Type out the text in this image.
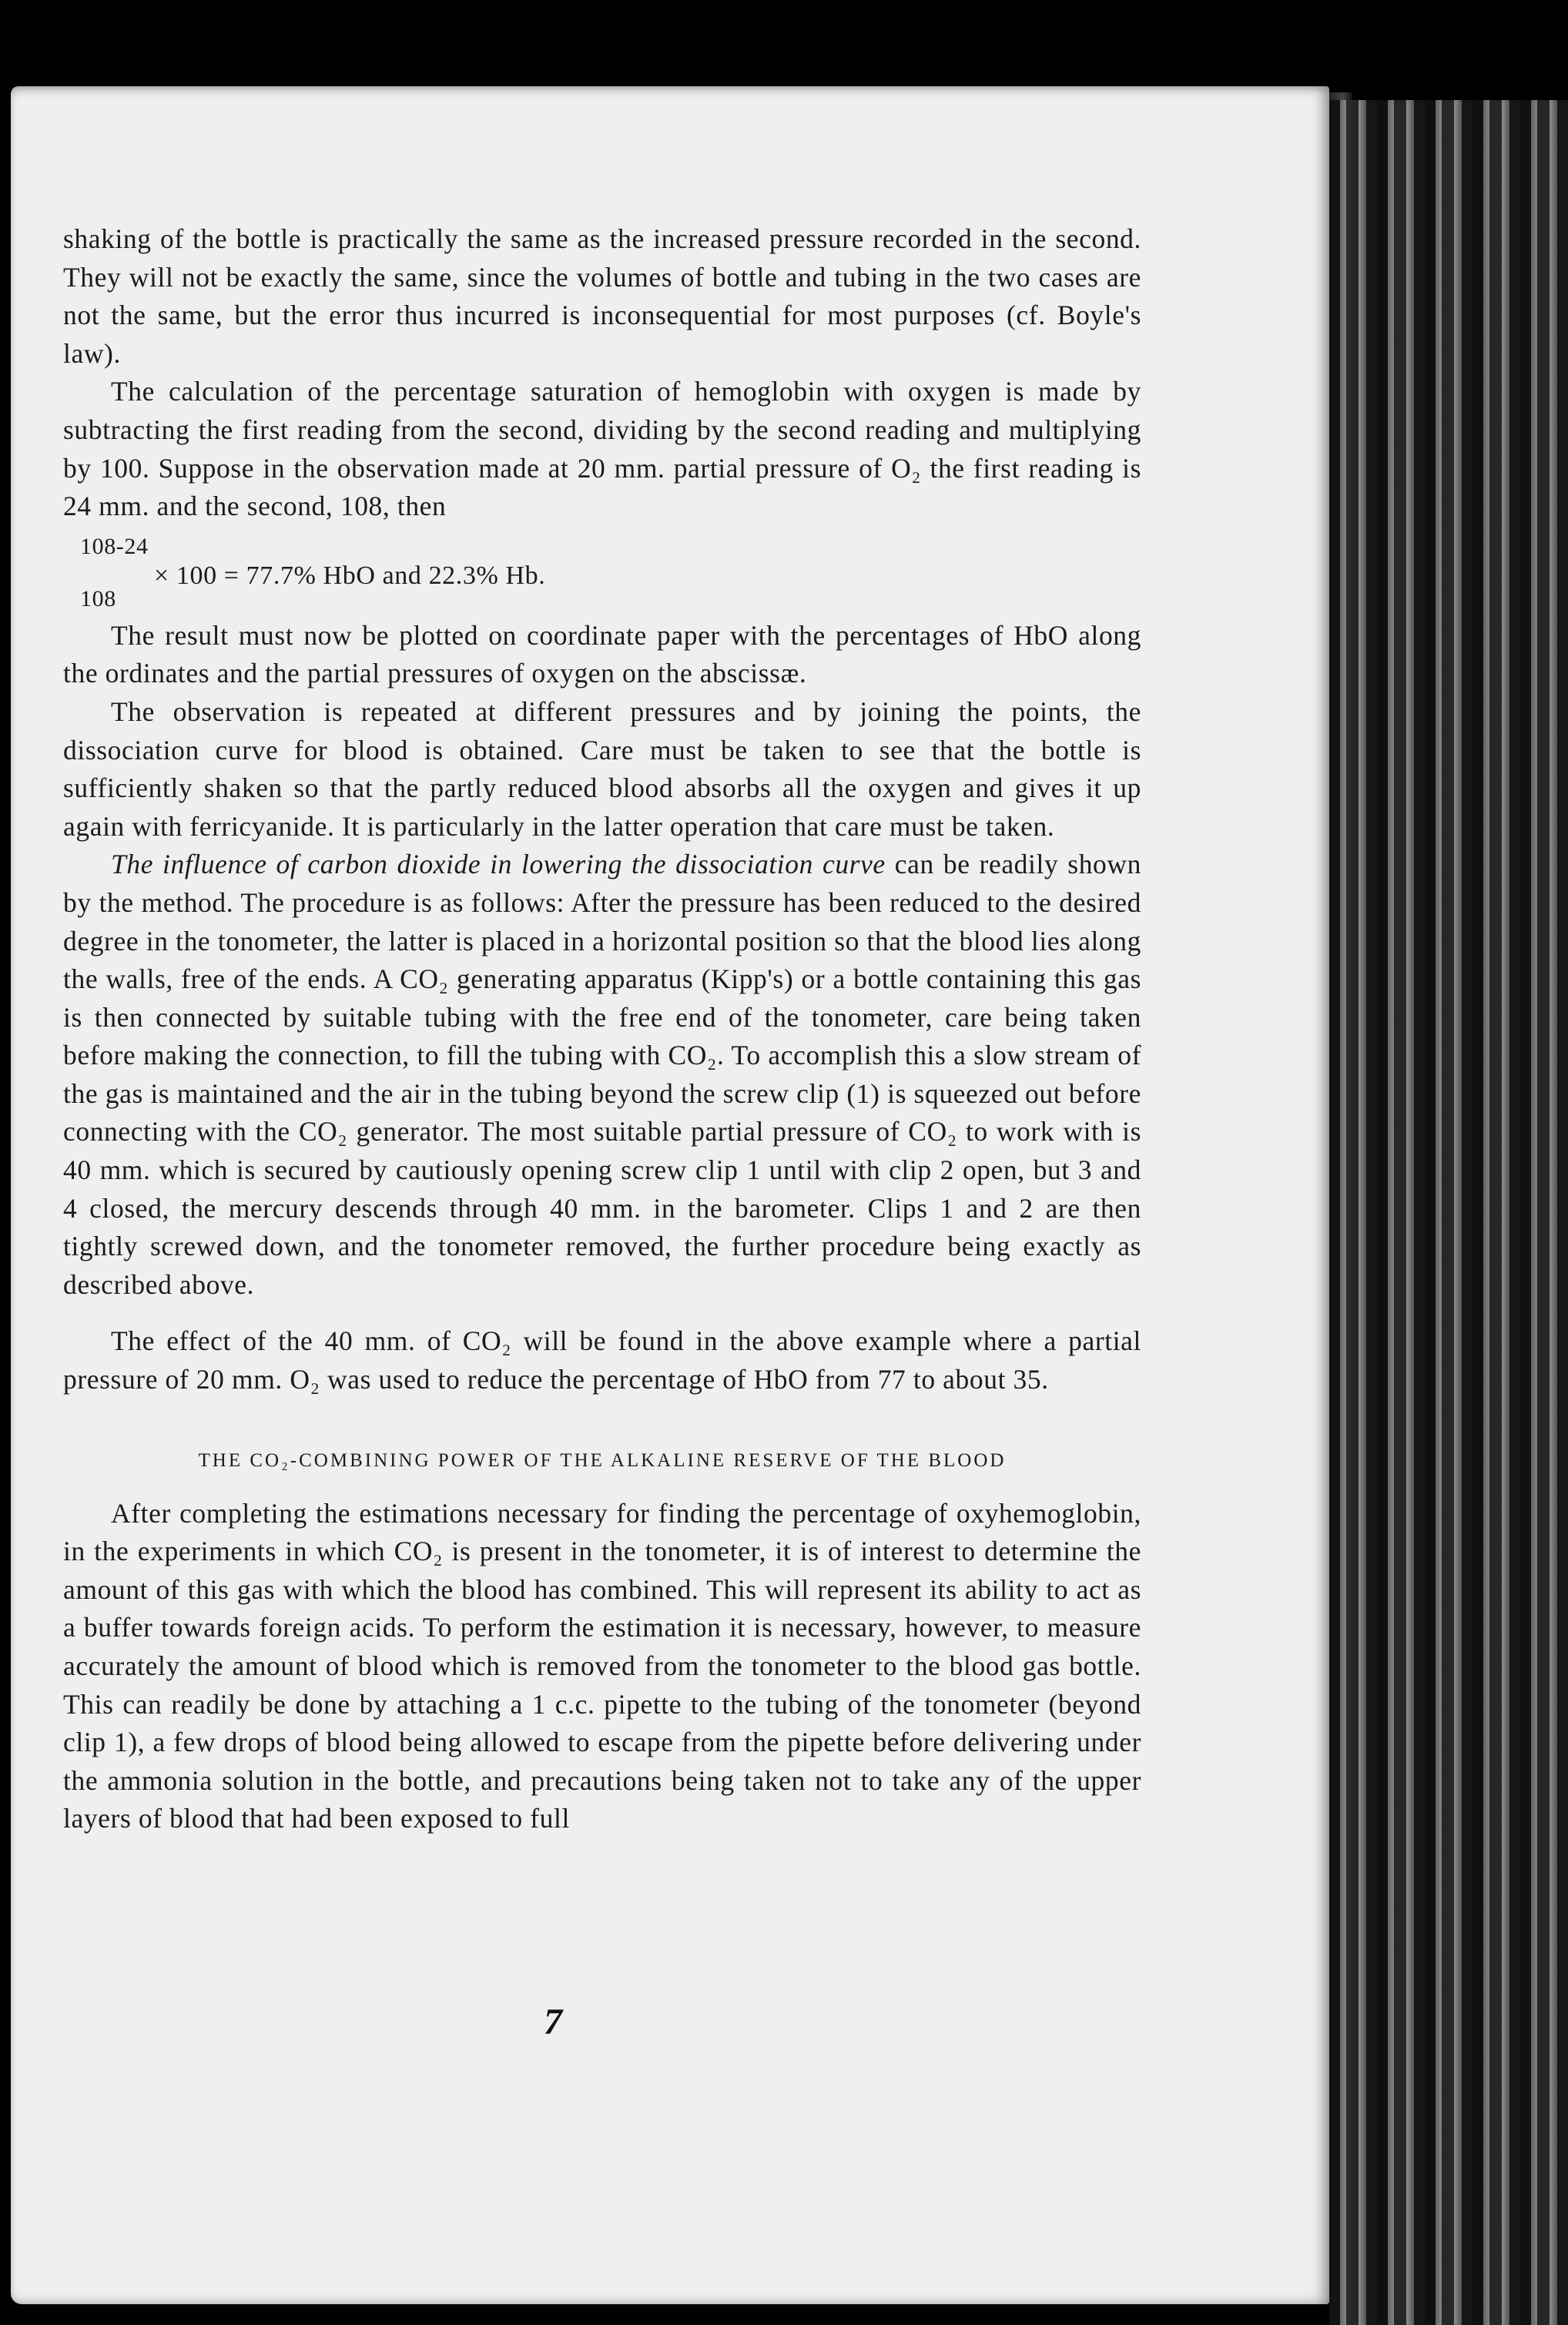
shaking of the bottle is practically the same as the increased pressure recorded in the second. They will not be exactly the same, since the volumes of bottle and tubing in the two cases are not the same, but the error thus incurred is inconsequential for most purposes (cf. Boyle's law).

The calculation of the percentage saturation of hemoglobin with oxygen is made by subtracting the first reading from the second, dividing by the second reading and multiplying by 100. Suppose in the observation made at 20 mm. partial pressure of O₂ the first reading is 24 mm. and the second, 108, then

108-24
108
× 100 = 77.7% HbO and 22.3% Hb.

The result must now be plotted on coordinate paper with the percentages of HbO along the ordinates and the partial pressures of oxygen on the abscissæ.

The observation is repeated at different pressures and by joining the points, the dissociation curve for blood is obtained. Care must be taken to see that the bottle is sufficiently shaken so that the partly reduced blood absorbs all the oxygen and gives it up again with ferricyanide. It is particularly in the latter operation that care must be taken.

The influence of carbon dioxide in lowering the dissociation curve can be readily shown by the method. The procedure is as follows: After the pressure has been reduced to the desired degree in the tonometer, the latter is placed in a horizontal position so that the blood lies along the walls, free of the ends. A CO₂ generating apparatus (Kipp's) or a bottle containing this gas is then connected by suitable tubing with the free end of the tonometer, care being taken before making the connection, to fill the tubing with CO₂. To accomplish this a slow stream of the gas is maintained and the air in the tubing beyond the screw clip (1) is squeezed out before connecting with the CO₂ generator. The most suitable partial pressure of CO₂ to work with is 40 mm. which is secured by cautiously opening screw clip 1 until with clip 2 open, but 3 and 4 closed, the mercury descends through 40 mm. in the barometer. Clips 1 and 2 are then tightly screwed down, and the tonometer removed, the further procedure being exactly as described above.

The effect of the 40 mm. of CO₂ will be found in the above example where a partial pressure of 20 mm. O₂ was used to reduce the percentage of HbO from 77 to about 35.

THE CO₂-COMBINING POWER OF THE ALKALINE RESERVE OF THE BLOOD

After completing the estimations necessary for finding the percentage of oxyhemoglobin, in the experiments in which CO₂ is present in the tonometer, it is of interest to determine the amount of this gas with which the blood has combined. This will represent its ability to act as a buffer towards foreign acids. To perform the estimation it is necessary, however, to measure accurately the amount of blood which is removed from the tonometer to the blood gas bottle. This can readily be done by attaching a 1 c.c. pipette to the tubing of the tonometer (beyond clip 1), a few drops of blood being allowed to escape from the pipette before delivering under the ammonia solution in the bottle, and precautions being taken not to take any of the upper layers of blood that had been exposed to full

7
